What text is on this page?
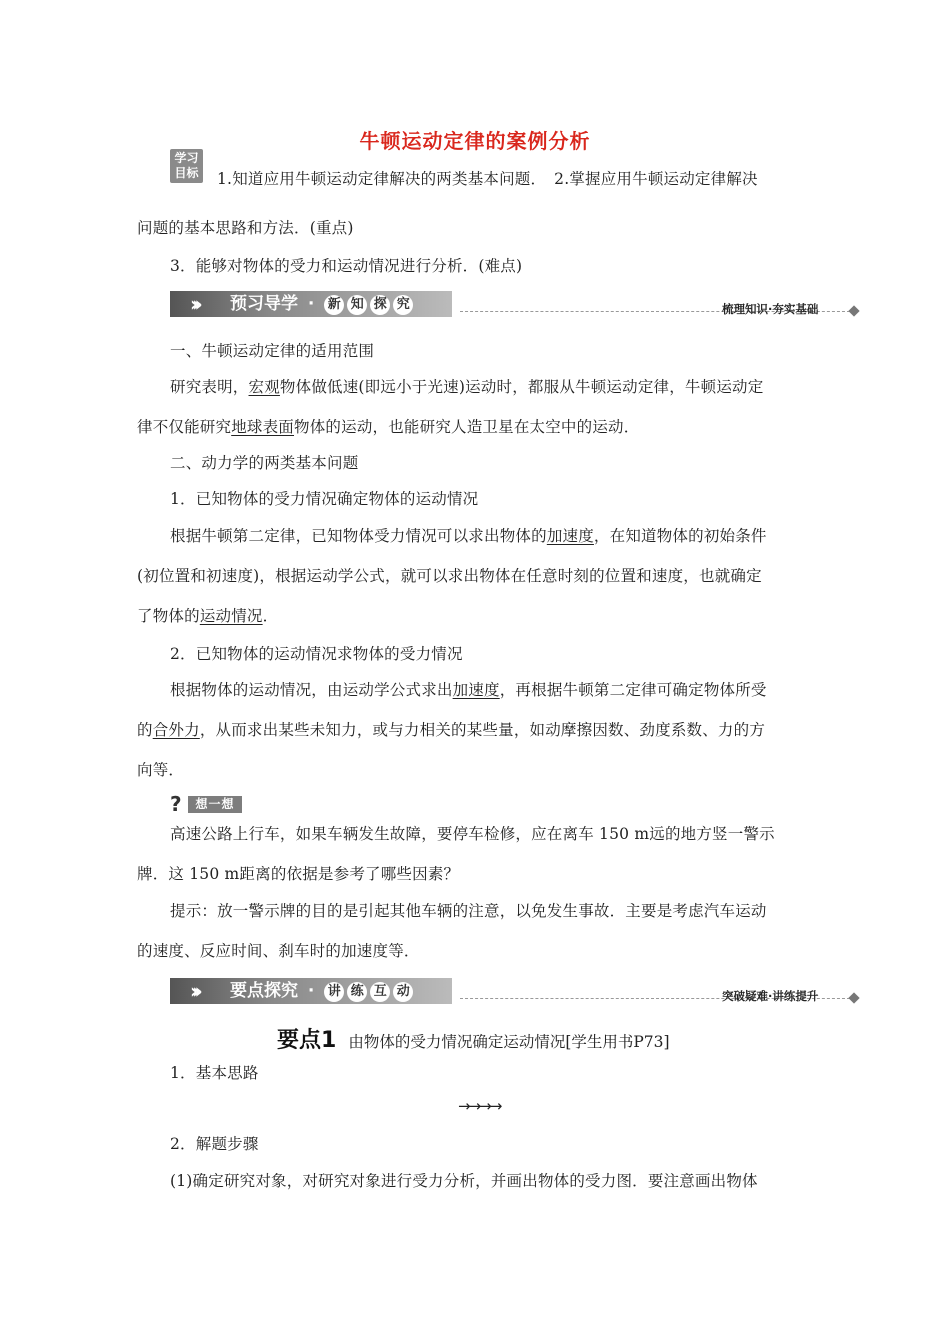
牛顿运动定律的案例分析
学习
目标 1.知道应用牛顿运动定律解决的两类基本问题．　2.掌握应用牛顿运动定律解决
问题的基本思路和方法．(重点)
3．能够对物体的受力和运动情况进行分析．(难点)
››› 预习导学 · 新 知 探 究	梳理知识·夯实基础
一、牛顿运动定律的适用范围
研究表明，宏观物体做低速(即远小于光速)运动时，都服从牛顿运动定律，牛顿运动定
律不仅能研究地球表面物体的运动，也能研究人造卫星在太空中的运动．
二、动力学的两类基本问题
1．已知物体的受力情况确定物体的运动情况
根据牛顿第二定律，已知物体受力情况可以求出物体的加速度，在知道物体的初始条件
(初位置和初速度)，根据运动学公式，就可以求出物体在任意时刻的位置和速度，也就确定
了物体的运动情况．
2．已知物体的运动情况求物体的受力情况
根据物体的运动情况，由运动学公式求出加速度，再根据牛顿第二定律可确定物体所受
的合外力，从而求出某些未知力，或与力相关的某些量，如动摩擦因数、劲度系数、力的方
向等．
?	想一想
高速公路上行车，如果车辆发生故障，要停车检修，应在离车 150 m远的地方竖一警示
牌．这 150 m距离的依据是参考了哪些因素？
提示：放一警示牌的目的是引起其他车辆的注意，以免发生事故．主要是考虑汽车运动
的速度、反应时间、刹车时的加速度等．
››› 要点探究 · 讲 练 互 动	突破疑难·讲练提升
要点1 由物体的受力情况确定运动情况[学生用书P73]
1．基本思路
→→→→
2．解题步骤
(1)确定研究对象，对研究对象进行受力分析，并画出物体的受力图．要注意画出物体
